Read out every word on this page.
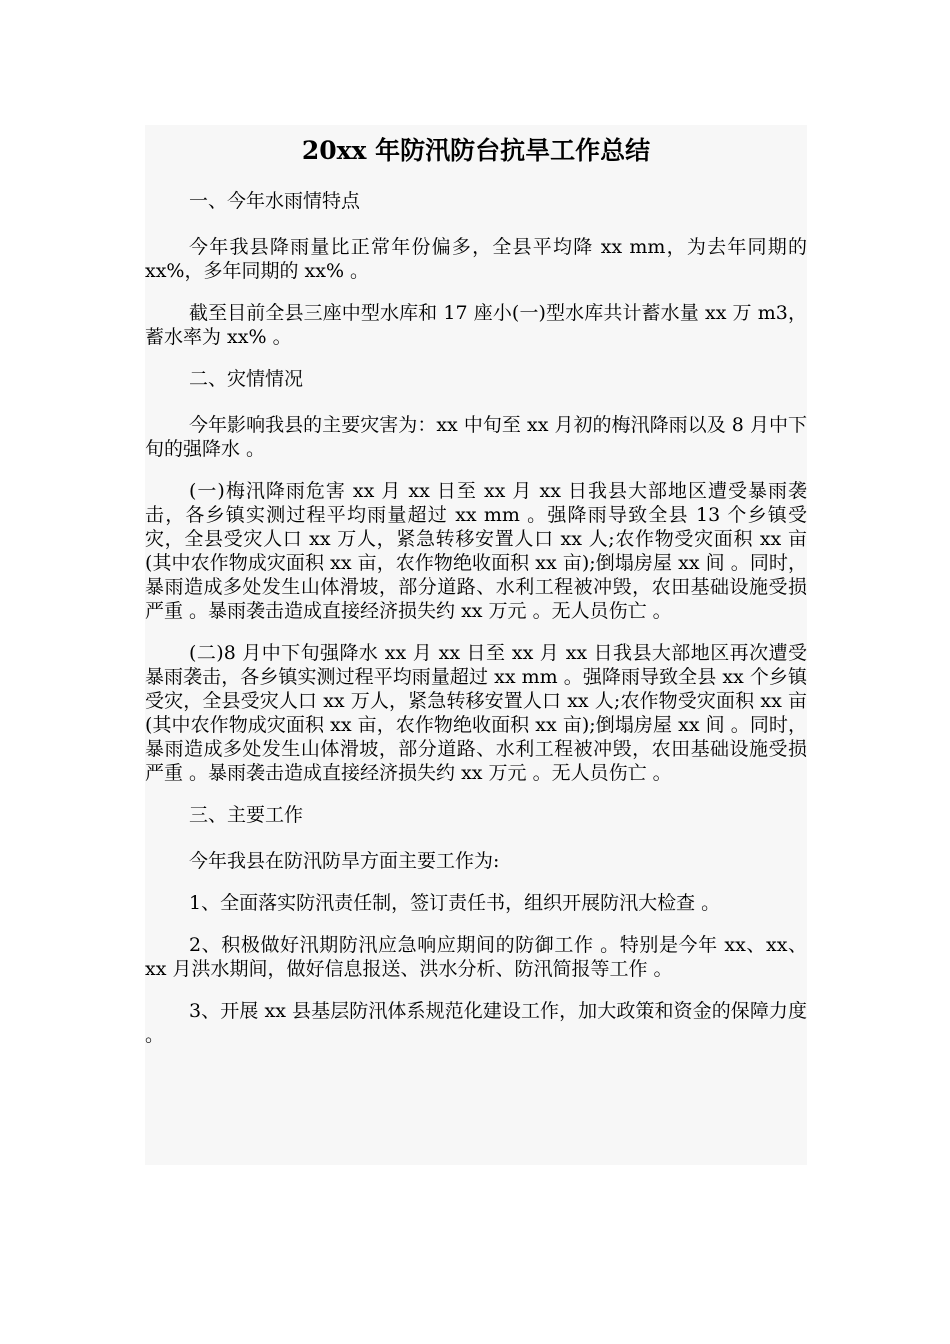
20xx 年防汛防台抗旱工作总结

一、今年水雨情特点

今年我县降雨量比正常年份偏多，全县平均降 xx mm，为去年同期的 xx%，多年同期的 xx% 。

截至目前全县三座中型水库和 17 座小(一)型水库共计蓄水量 xx 万 m3，蓄水率为 xx% 。

二、灾情情况

今年影响我县的主要灾害为：xx 中旬至 xx 月初的梅汛降雨以及 8 月中下旬的强降水 。

(一)梅汛降雨危害 xx 月 xx 日至 xx 月 xx 日我县大部地区遭受暴雨袭击，各乡镇实测过程平均雨量超过 xx mm 。强降雨导致全县 13 个乡镇受灾，全县受灾人口 xx 万人，紧急转移安置人口 xx 人;农作物受灾面积 xx 亩(其中农作物成灾面积 xx 亩，农作物绝收面积 xx 亩);倒塌房屋 xx 间 。同时，暴雨造成多处发生山体滑坡，部分道路、水利工程被冲毁，农田基础设施受损严重 。暴雨袭击造成直接经济损失约 xx 万元 。无人员伤亡 。

(二)8 月中下旬强降水 xx 月 xx 日至 xx 月 xx 日我县大部地区再次遭受暴雨袭击，各乡镇实测过程平均雨量超过 xx mm 。强降雨导致全县 xx 个乡镇受灾，全县受灾人口 xx 万人，紧急转移安置人口 xx 人;农作物受灾面积 xx 亩(其中农作物成灾面积 xx 亩，农作物绝收面积 xx 亩);倒塌房屋 xx 间 。同时，暴雨造成多处发生山体滑坡，部分道路、水利工程被冲毁，农田基础设施受损严重 。暴雨袭击造成直接经济损失约 xx 万元 。无人员伤亡 。

三、主要工作

今年我县在防汛防旱方面主要工作为:

1、全面落实防汛责任制，签订责任书，组织开展防汛大检查 。

2、积极做好汛期防汛应急响应期间的防御工作 。特别是今年 xx、xx、xx 月洪水期间，做好信息报送、洪水分析、防汛简报等工作 。

3、开展 xx 县基层防汛体系规范化建设工作，加大政策和资金的保障力度 。
